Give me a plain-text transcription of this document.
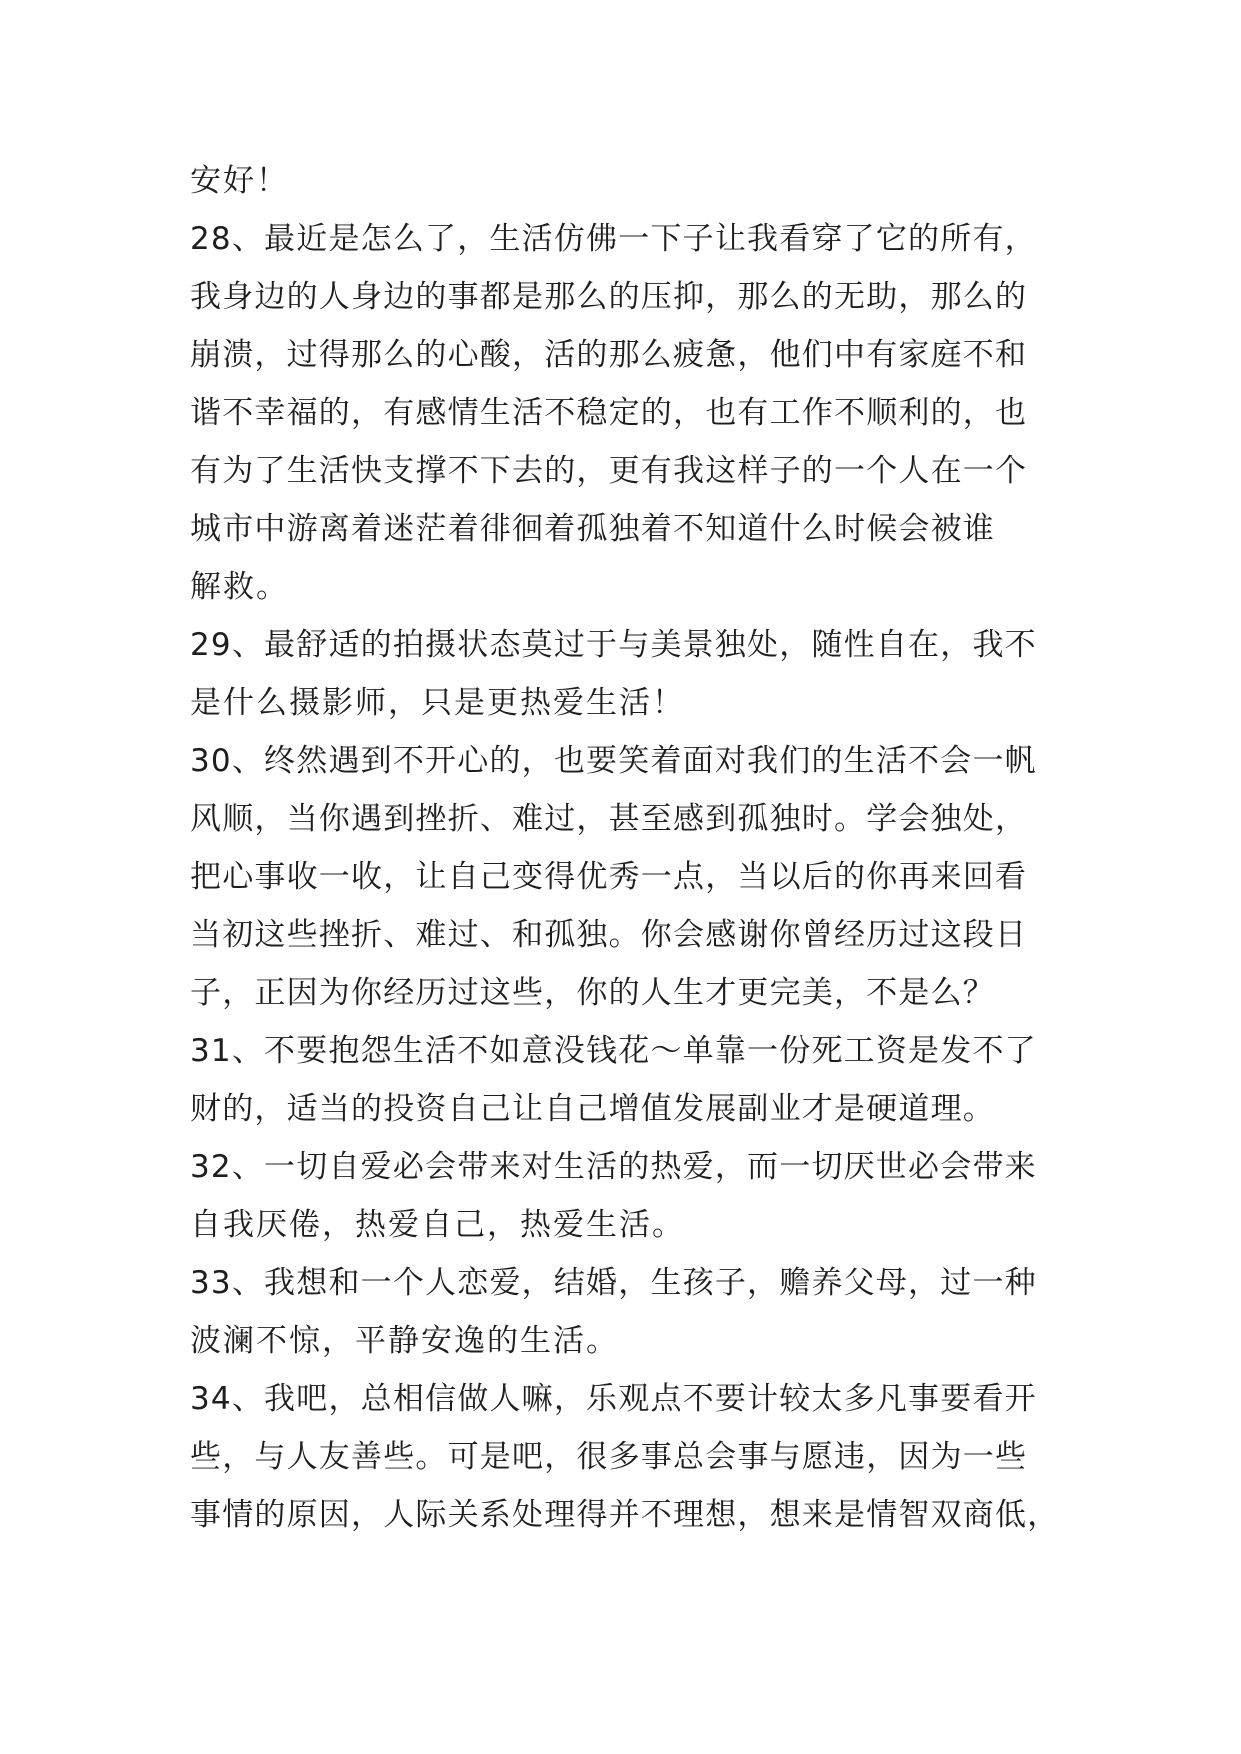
安好！
28、最近是怎么了，生活仿佛一下子让我看穿了它的所有，
我身边的人身边的事都是那么的压抑，那么的无助，那么的
崩溃，过得那么的心酸，活的那么疲惫，他们中有家庭不和
谐不幸福的，有感情生活不稳定的，也有工作不顺利的，也
有为了生活快支撑不下去的，更有我这样子的一个人在一个
城市中游离着迷茫着徘徊着孤独着不知道什么时候会被谁
解救。
29、最舒适的拍摄状态莫过于与美景独处，随性自在，我不
是什么摄影师，只是更热爱生活！
30、终然遇到不开心的，也要笑着面对我们的生活不会一帆
风顺，当你遇到挫折、难过，甚至感到孤独时。学会独处，
把心事收一收，让自己变得优秀一点，当以后的你再来回看
当初这些挫折、难过、和孤独。你会感谢你曾经历过这段日
子，正因为你经历过这些，你的人生才更完美，不是么？
31、不要抱怨生活不如意没钱花～单靠一份死工资是发不了
财的，适当的投资自己让自己增值发展副业才是硬道理。
32、一切自爱必会带来对生活的热爱，而一切厌世必会带来
自我厌倦，热爱自己，热爱生活。
33、我想和一个人恋爱，结婚，生孩子，赡养父母，过一种
波澜不惊，平静安逸的生活。
34、我吧，总相信做人嘛，乐观点不要计较太多凡事要看开
些，与人友善些。可是吧，很多事总会事与愿违，因为一些
事情的原因，人际关系处理得并不理想，想来是情智双商低，
